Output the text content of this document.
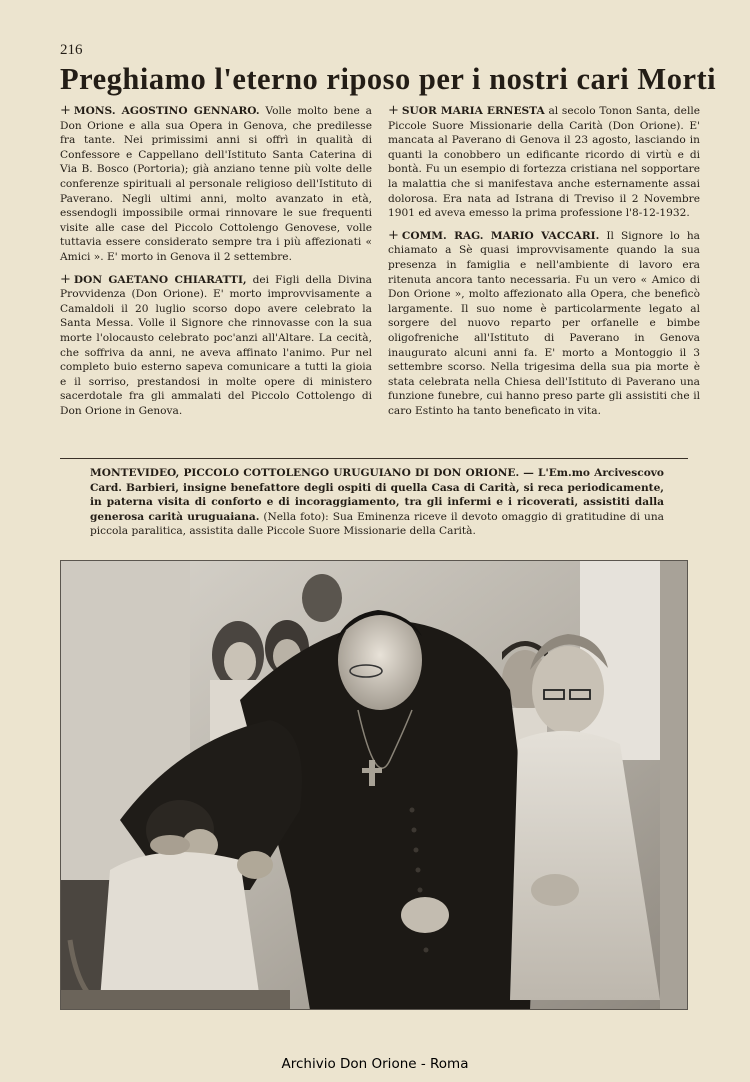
216
Preghiamo l'eterno riposo per i nostri cari Morti

+ MONS. AGOSTINO GENNARO. Volle molto bene a Don Orione e alla sua Opera in Genova, che predilesse fra tante. Nei primissimi anni si offrì in qualità di Confessore e Cappellano dell'Istituto Santa Caterina di Via B. Bosco (Portoria); già anziano tenne più volte delle conferenze spirituali al personale religioso dell'Istituto di Paverano. Negli ultimi anni, molto avanzato in età, essendogli impossibile ormai rinnovare le sue frequenti visite alle case del Piccolo Cottolengo Genovese, volle tuttavia essere considerato sempre tra i più affezionati « Amici ». E' morto in Genova il 2 settembre.

+ DON GAETANO CHIARATTI, dei Figli della Divina Provvidenza (Don Orione). E' morto improvvisamente a Camaldoli il 20 luglio scorso dopo avere celebrato la Santa Messa. Volle il Signore che rinnovasse con la sua morte l'olocausto celebrato poc'anzi all'Altare. La cecità, che soffriva da anni, ne aveva affinato l'animo. Pur nel completo buio esterno sapeva comunicare a tutti la gioia e il sorriso, prestandosi in molte opere di ministero sacerdotale fra gli ammalati del Piccolo Cottolengo di Don Orione in Genova.

+ SUOR MARIA ERNESTA al secolo Tonon Santa, delle Piccole Suore Missionarie della Carità (Don Orione). E' mancata al Paverano di Genova il 23 agosto, lasciando in quanti la conobbero un edificante ricordo di virtù e di bontà. Fu un esempio di fortezza cristiana nel sopportare la malattia che si manifestava anche esternamente assai dolorosa. Era nata ad Istrana di Treviso il 2 Novembre 1901 ed aveva emesso la prima professione l'8-12-1932.

+ COMM. RAG. MARIO VACCARI. Il Signore lo ha chiamato a Sè quasi improvvisamente quando la sua presenza in famiglia e nell'ambiente di lavoro era ritenuta ancora tanto necessaria. Fu un vero « Amico di Don Orione », molto affezionato alla Opera, che beneficò largamente. Il suo nome è particolarmente legato al sorgere del nuovo reparto per orfanelle e bimbe oligofreniche all'Istituto di Paverano in Genova inaugurato alcuni anni fa. E' morto a Montoggio il 3 settembre scorso. Nella trigesima della sua pia morte è stata celebrata nella Chiesa dell'Istituto di Paverano una funzione funebre, cui hanno preso parte gli assistiti che il caro Estinto ha tanto beneficato in vita.

MONTEVIDEO, PICCOLO COTTOLENGO URUGUIANO DI DON ORIONE. — L'Em.mo Arcivescovo Card. Barbieri, insigne benefattore degli ospiti di quella Casa di Carità, si reca periodicamente, in paterna visita di conforto e di incoraggiamento, tra gli infermi e i ricoverati, assistiti dalla generosa carità uruguaiana. (Nella foto): Sua Eminenza riceve il devoto omaggio di gratitudine di una piccola paralitica, assistita dalle Piccole Suore Missionarie della Carità.

Archivio Don Orione - Roma
